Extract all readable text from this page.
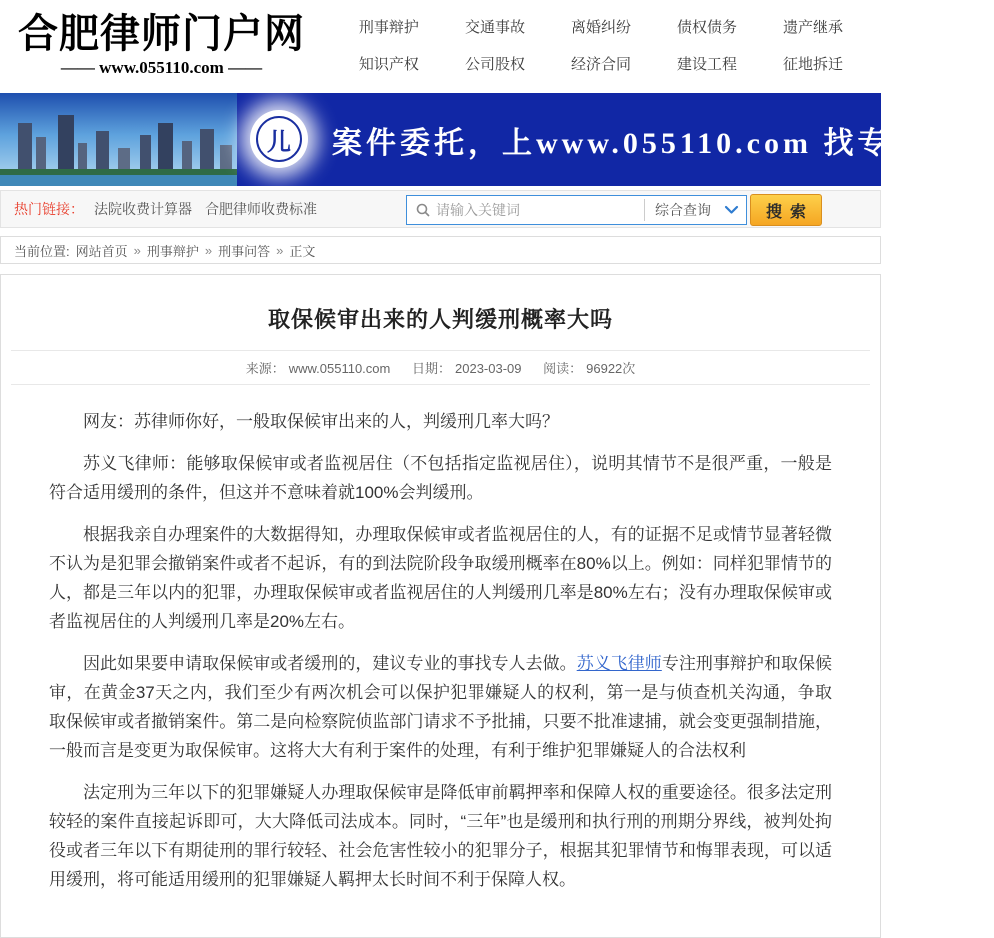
合肥律师门户网
—— www.055110.com ——
刑事辩护	交通事故	离婚纠纷	债权债务	遗产继承
知识产权	公司股权	经济合同	建设工程	征地拆迁
儿	案件委托，上www.055110.com 找专业律师
热门链接： 法院收费计算器 合肥律师收费标准
请输入关键词	综合查询	搜索
当前位置: 网站首页 » 刑事辩护 » 刑事问答 » 正文
取保候审出来的人判缓刑概率大吗
来源： www.055110.com 日期： 2023-03-09 阅读： 96922次

网友：苏律师你好，一般取保候审出来的人，判缓刑几率大吗？

苏义飞律师：能够取保候审或者监视居住（不包括指定监视居住），说明其情节不是很严重，一般是符合适用缓刑的条件，但这并不意味着就100%会判缓刑。

根据我亲自办理案件的大数据得知，办理取保候审或者监视居住的人，有的证据不足或情节显著轻微不认为是犯罪会撤销案件或者不起诉，有的到法院阶段争取缓刑概率在80%以上。例如：同样犯罪情节的人，都是三年以内的犯罪，办理取保候审或者监视居住的人判缓刑几率是80%左右；没有办理取保候审或者监视居住的人判缓刑几率是20%左右。

因此如果要申请取保候审或者缓刑的，建议专业的事找专人去做。苏义飞律师专注刑事辩护和取保候审，在黄金37天之内，我们至少有两次机会可以保护犯罪嫌疑人的权利，第一是与侦查机关沟通，争取取保候审或者撤销案件。第二是向检察院侦监部门请求不予批捕，只要不批准逮捕，就会变更强制措施，一般而言是变更为取保候审。这将大大有利于案件的处理，有利于维护犯罪嫌疑人的合法权利

法定刑为三年以下的犯罪嫌疑人办理取保候审是降低审前羁押率和保障人权的重要途径。很多法定刑较轻的案件直接起诉即可，大大降低司法成本。同时，“三年”也是缓刑和执行刑的刑期分界线，被判处拘役或者三年以下有期徒刑的罪行较轻、社会危害性较小的犯罪分子，根据其犯罪情节和悔罪表现，可以适用缓刑，将可能适用缓刑的犯罪嫌疑人羁押太长时间不利于保障人权。
